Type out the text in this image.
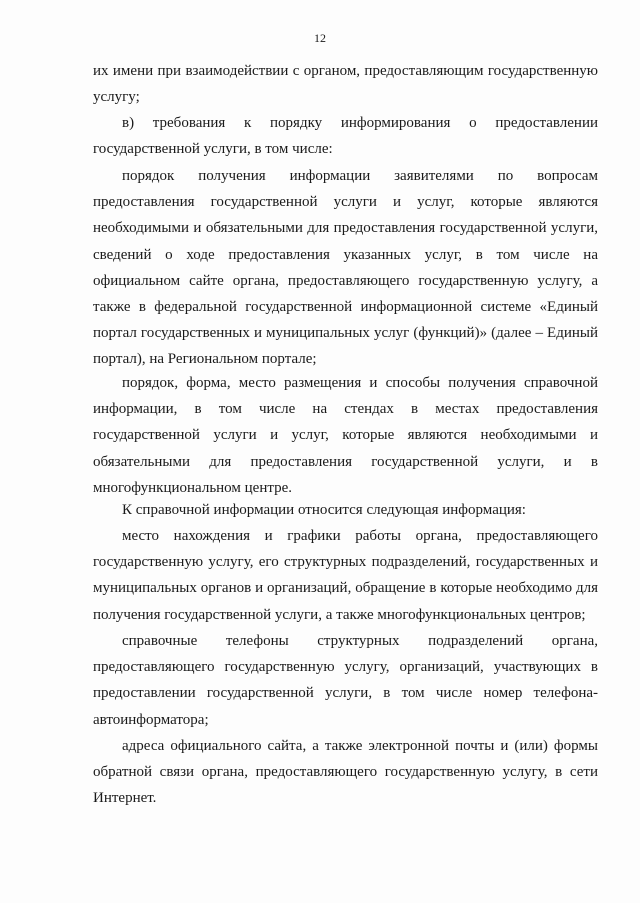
12

их имени при взаимодействии с органом, предоставляющим государственную услугу;

в) требования к порядку информирования о предоставлении государственной услуги, в том числе:

порядок получения информации заявителями по вопросам предоставления государственной услуги и услуг, которые являются необходимыми и обязательными для предоставления государственной услуги, сведений о ходе предоставления указанных услуг, в том числе на официальном сайте органа, предоставляющего государственную услугу, а также в федеральной государственной информационной системе «Единый портал государственных и муниципальных услуг (функций)» (далее – Единый портал), на Региональном портале;

порядок, форма, место размещения и способы получения справочной информации, в том числе на стендах в местах предоставления государственной услуги и услуг, которые являются необходимыми и обязательными для предоставления государственной услуги, и в многофункциональном центре.

К справочной информации относится следующая информация:

место нахождения и графики работы органа, предоставляющего государственную услугу, его структурных подразделений, государственных и муниципальных органов и организаций, обращение в которые необходимо для получения государственной услуги, а также многофункциональных центров;

справочные телефоны структурных подразделений органа, предоставляющего государственную услугу, организаций, участвующих в предоставлении государственной услуги, в том числе номер телефона-автоинформатора;

адреса официального сайта, а также электронной почты и (или) формы обратной связи органа, предоставляющего государственную услугу, в сети Интернет.
